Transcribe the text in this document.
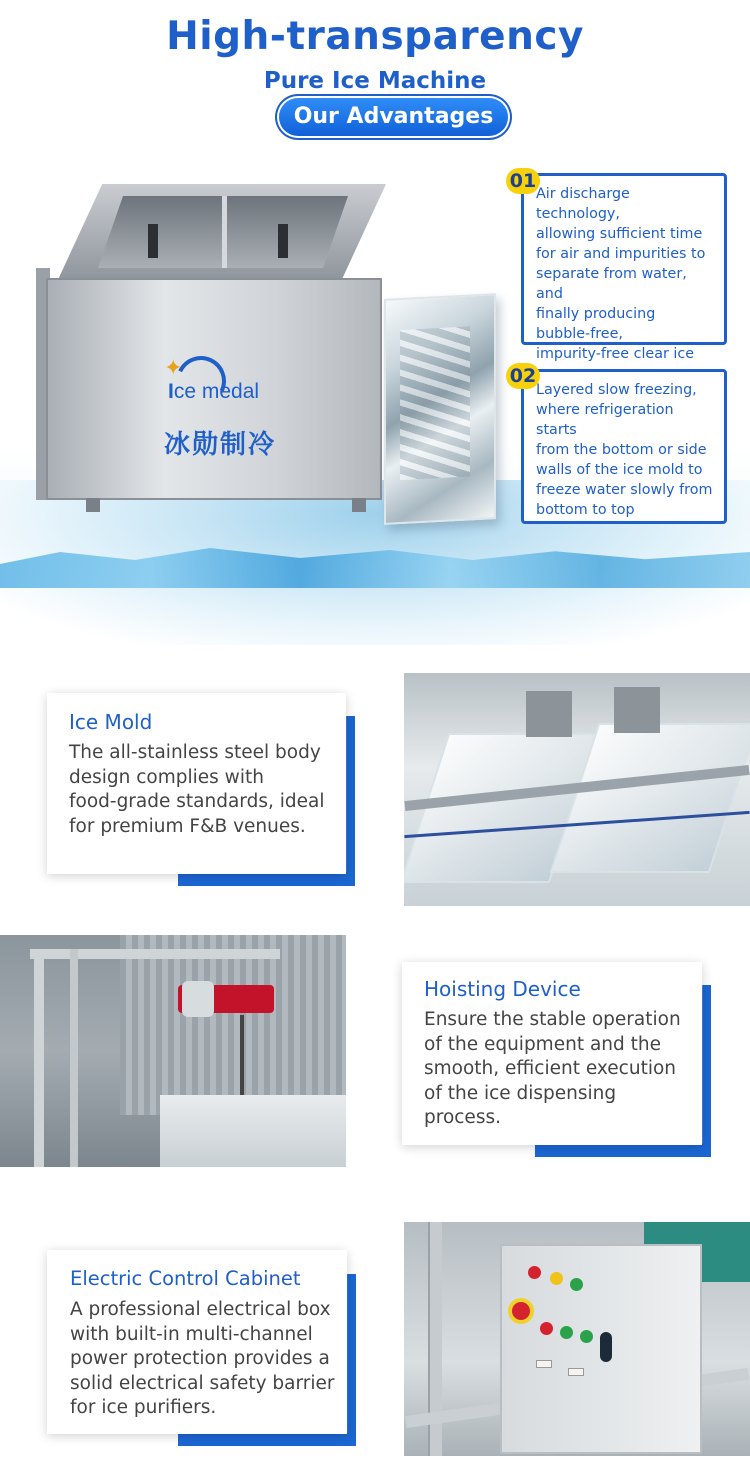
High-transparency
Pure Ice Machine
Our Advantages
✦
Ice medal
冰勋制冷
Air discharge technology,
allowing sufficient time
for air and impurities to
separate from water, and
finally producing
bubble-free,
impurity-free clear ice
01
Layered slow freezing,
where refrigeration starts
from the bottom or side
walls of the ice mold to
freeze water slowly from
bottom to top
02
Ice Mold
The all-stainless steel body
design complies with
food-grade standards, ideal
for premium F&B venues.
Hoisting Device
Ensure the stable operation
of the equipment and the
smooth, efficient execution
of the ice dispensing
process.
Electric Control Cabinet
A professional electrical box
with built-in multi-channel
power protection provides a
solid electrical safety barrier
for ice purifiers.
